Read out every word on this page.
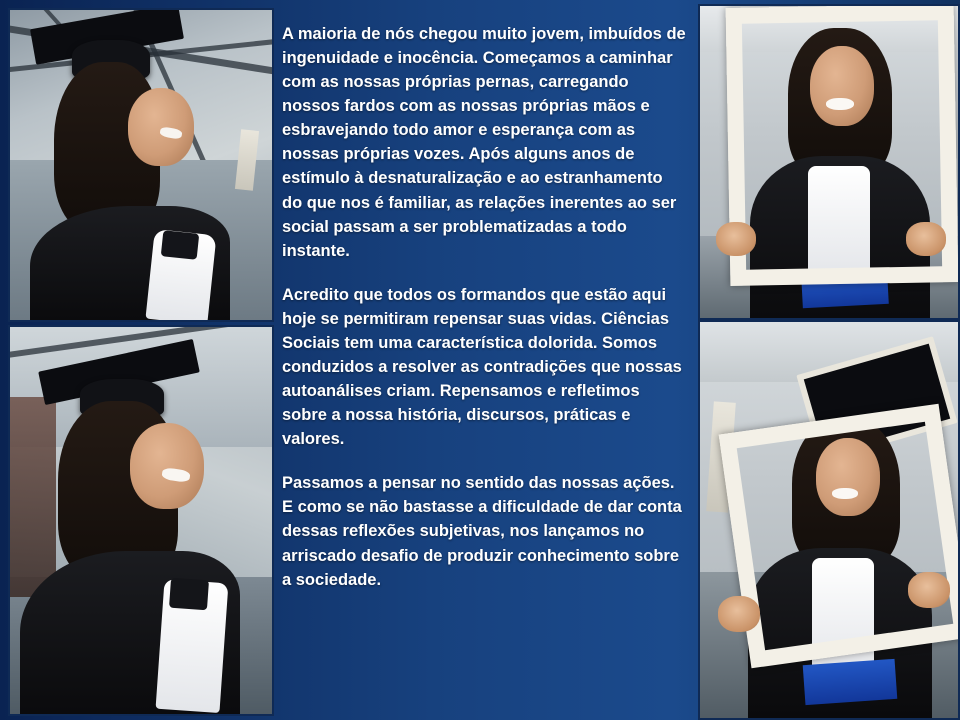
A maioria de nós chegou muito jovem, imbuídos de ingenuidade e inocência. Começamos a caminhar com as nossas próprias pernas, carregando nossos fardos com as nossas próprias mãos e esbravejando todo amor e esperança com as nossas próprias vozes. Após alguns anos de estímulo à desnaturalização e ao estranhamento do que nos é familiar, as relações inerentes ao ser social passam a ser problematizadas a todo instante.

Acredito que todos os formandos que estão aqui hoje se permitiram repensar suas vidas. Ciências Sociais tem uma característica dolorida. Somos conduzidos a resolver as contradições que nossas autoanálises criam. Repensamos e refletimos sobre a nossa história, discursos, práticas e valores.

Passamos a pensar no sentido das nossas ações. E como se não bastasse a dificuldade de dar conta dessas reflexões subjetivas, nos lançamos no arriscado desafio de produzir conhecimento sobre a sociedade.
